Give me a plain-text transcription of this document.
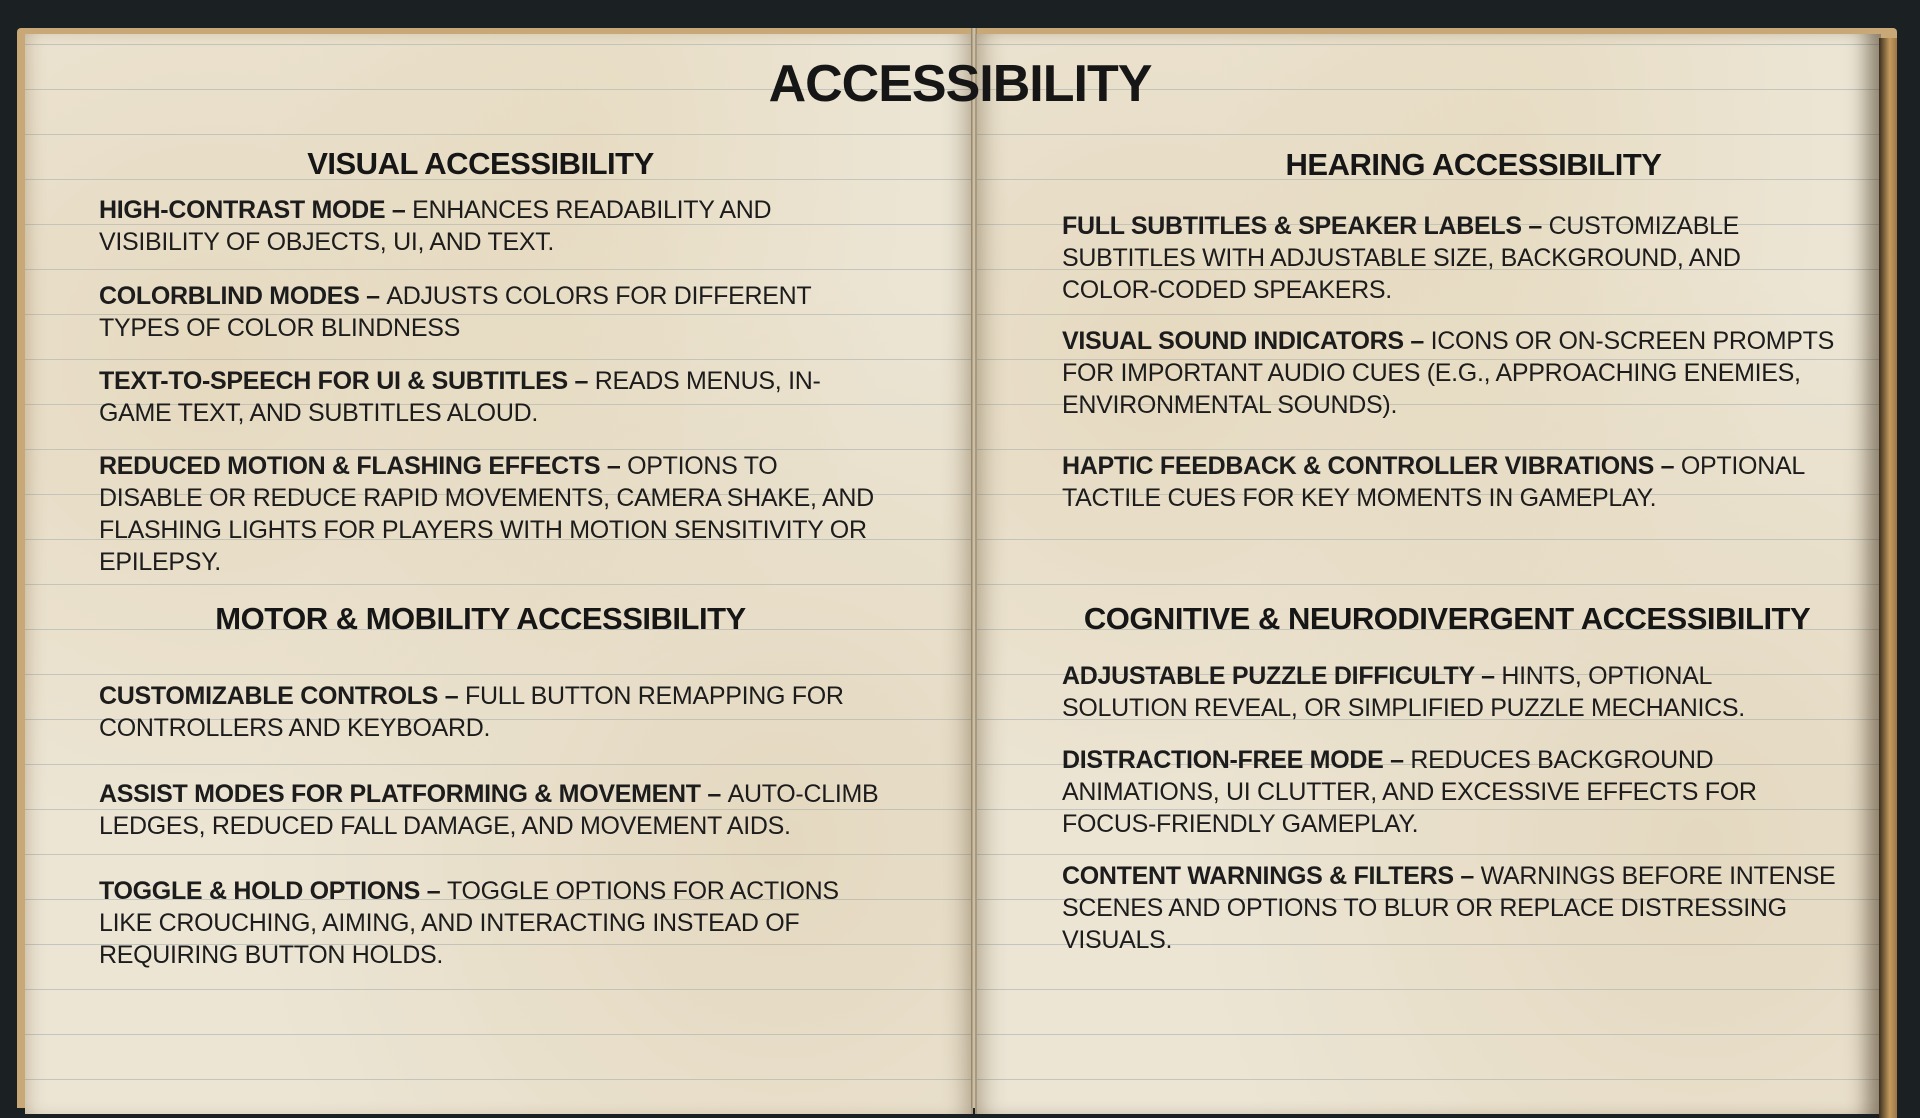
ACCESSIBILITY
VISUAL ACCESSIBILITY

HIGH-CONTRAST MODE – ENHANCES READABILITY AND VISIBILITY OF OBJECTS, UI, AND TEXT.

COLORBLIND MODES – ADJUSTS COLORS FOR DIFFERENT TYPES OF COLOR BLINDNESS

TEXT-TO-SPEECH FOR UI & SUBTITLES – READS MENUS, IN-GAME TEXT, AND SUBTITLES ALOUD.

REDUCED MOTION & FLASHING EFFECTS – OPTIONS TO DISABLE OR REDUCE RAPID MOVEMENTS, CAMERA SHAKE, AND FLASHING LIGHTS FOR PLAYERS WITH MOTION SENSITIVITY OR EPILEPSY.

MOTOR & MOBILITY ACCESSIBILITY

CUSTOMIZABLE CONTROLS – FULL BUTTON REMAPPING FOR CONTROLLERS AND KEYBOARD.

ASSIST MODES FOR PLATFORMING & MOVEMENT – AUTO-CLIMB LEDGES, REDUCED FALL DAMAGE, AND MOVEMENT AIDS.

TOGGLE & HOLD OPTIONS – TOGGLE OPTIONS FOR ACTIONS LIKE CROUCHING, AIMING, AND INTERACTING INSTEAD OF REQUIRING BUTTON HOLDS.

HEARING ACCESSIBILITY

FULL SUBTITLES & SPEAKER LABELS – CUSTOMIZABLE SUBTITLES WITH ADJUSTABLE SIZE, BACKGROUND, AND COLOR-CODED SPEAKERS.

VISUAL SOUND INDICATORS – ICONS OR ON-SCREEN PROMPTS FOR IMPORTANT AUDIO CUES (E.G., APPROACHING ENEMIES, ENVIRONMENTAL SOUNDS).

HAPTIC FEEDBACK & CONTROLLER VIBRATIONS – OPTIONAL TACTILE CUES FOR KEY MOMENTS IN GAMEPLAY.

COGNITIVE & NEURODIVERGENT ACCESSIBILITY

ADJUSTABLE PUZZLE DIFFICULTY – HINTS, OPTIONAL SOLUTION REVEAL, OR SIMPLIFIED PUZZLE MECHANICS.

DISTRACTION-FREE MODE – REDUCES BACKGROUND ANIMATIONS, UI CLUTTER, AND EXCESSIVE EFFECTS FOR FOCUS-FRIENDLY GAMEPLAY.

CONTENT WARNINGS & FILTERS – WARNINGS BEFORE INTENSE SCENES AND OPTIONS TO BLUR OR REPLACE DISTRESSING VISUALS.
